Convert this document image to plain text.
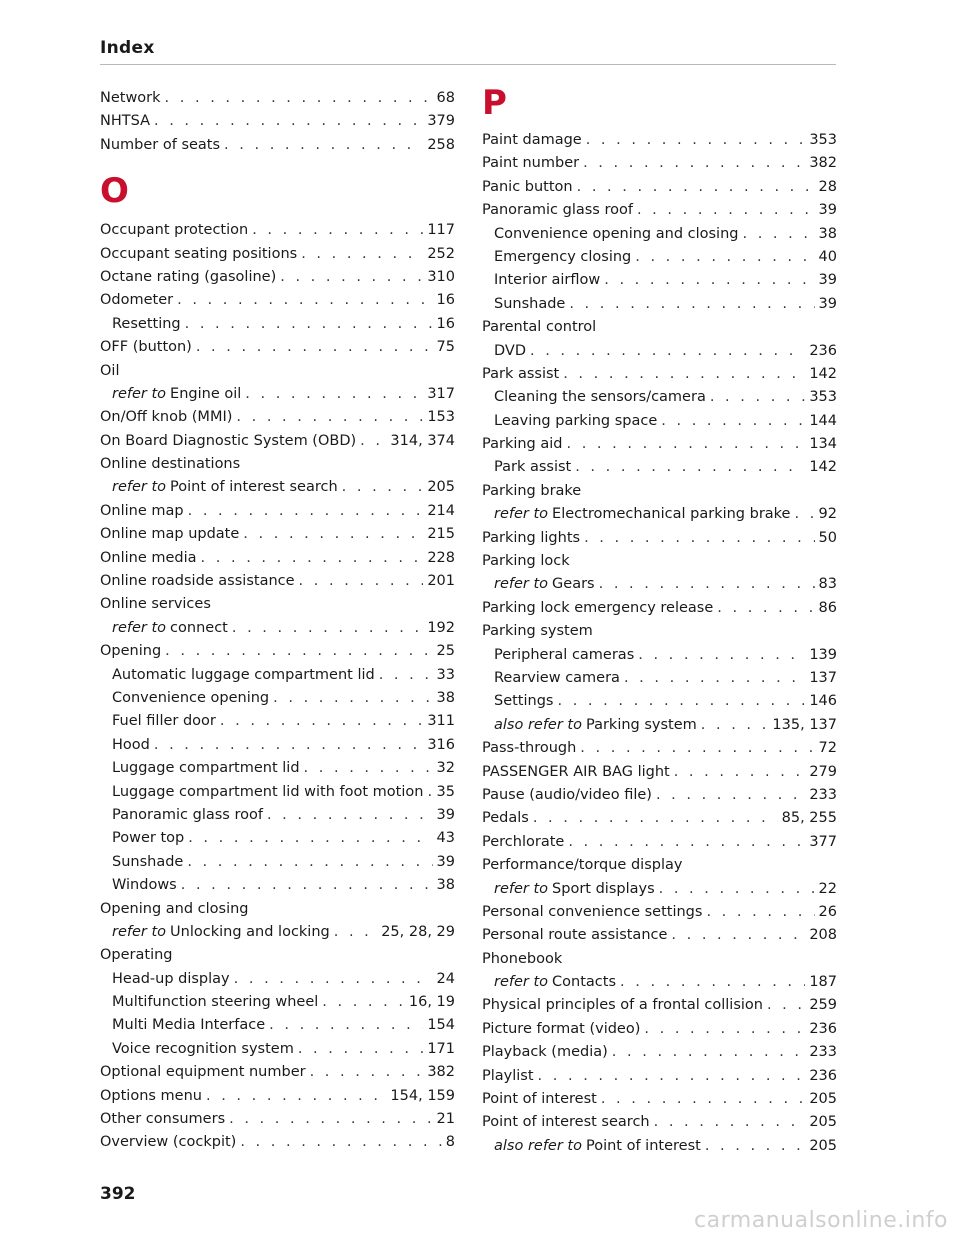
Index
Network . . .	68
NHTSA . . .	379
Number of seats . . .	258
O
Occupant protection . . .	117
Occupant seating positions . . .	252
Octane rating (gasoline) . . .	310
Odometer . . .	16
Resetting . . .	16
OFF (button) . . .	75
Oil
refer to Engine oil . . .	317
On/Off knob (MMI) . . .	153
On Board Diagnostic System (OBD) . . . 314, 374
Online destinations
refer to Point of interest search . . .	205
Online map . . .	214
Online map update . . .	215
Online media . . .	228
Online roadside assistance . . .	201
Online services
refer to connect . . .	192
Opening . . .	25
Automatic luggage compartment lid . . .	33
Convenience opening . . .	38
Fuel filler door . . .	311
Hood . . .	316
Luggage compartment lid . . .	32
Luggage compartment lid with foot motion . . . 35
Panoramic glass roof . . .	39
Power top . . .	43
Sunshade . . .	39
Windows . . .	38
Opening and closing
refer to Unlocking and locking . . .	25, 28, 29
Operating
Head-up display . . .	24
Multifunction steering wheel . . .	16, 19
Multi Media Interface . . .	154
Voice recognition system . . .	171
Optional equipment number . . .	382
Options menu . . .	154, 159
Other consumers . . .	21
Overview (cockpit) . . .	8
P
Paint damage . . .	353
Paint number . . .	382
Panic button . . .	28
Panoramic glass roof . . .	39
Convenience opening and closing . . .	38
Emergency closing . . .	40
Interior airflow . . .	39
Sunshade . . .	39
Parental control
DVD . . .	236
Park assist . . .	142
Cleaning the sensors/camera . . .	353
Leaving parking space . . .	144
Parking aid . . .	134
Park assist . . .	142
Parking brake
refer to Electromechanical parking brake . . . 92
Parking lights . . .	50
Parking lock
refer to Gears . . .	83
Parking lock emergency release . . .	86
Parking system
Peripheral cameras . . .	139
Rearview camera . . .	137
Settings . . .	146
also refer to Parking system . . .	135, 137
Pass-through . . .	72
PASSENGER AIR BAG light . . .	279
Pause (audio/video file) . . .	233
Pedals . . .	85, 255
Perchlorate . . .	377
Performance/torque display
refer to Sport displays . . .	22
Personal convenience settings . . .	26
Personal route assistance . . .	208
Phonebook
refer to Contacts . . .	187
Physical principles of a frontal collision . . .	259
Picture format (video) . . .	236
Playback (media) . . .	233
Playlist . . .	236
Point of interest . . .	205
Point of interest search . . .	205
also refer to Point of interest . . .	205
392
carmanualsonline.info
